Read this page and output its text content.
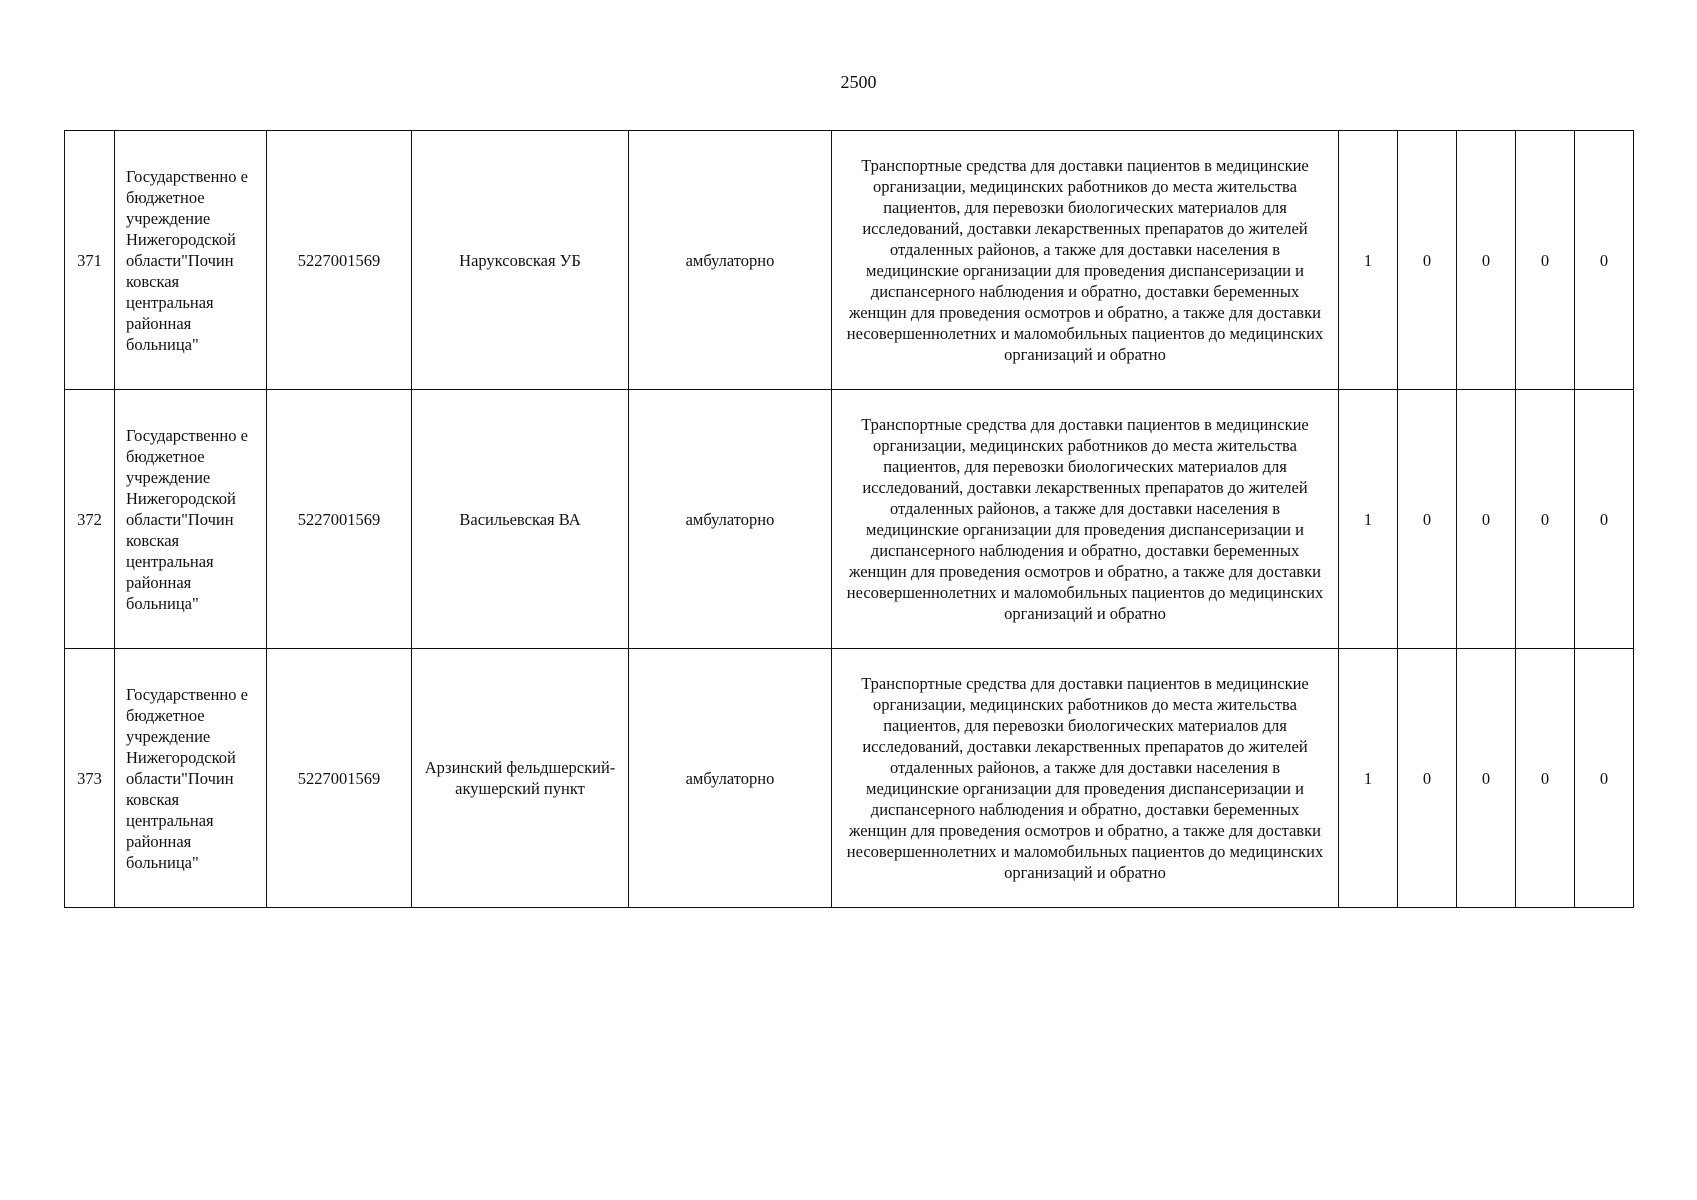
2500
371	Государственно е бюджетное учреждение Нижегородской области"Почин ковская центральная районная больница"	5227001569	Наруксовская УБ	амбулаторно	Транспортные средства для доставки пациентов в медицинские организации, медицинских работников до места жительства пациентов, для перевозки биологических материалов для исследований, доставки лекарственных препаратов до жителей отдаленных районов, а также для доставки населения в медицинские организации для проведения диспансеризации и диспансерного наблюдения и обратно, доставки беременных женщин для проведения осмотров и обратно, а также для доставки несовершеннолетних и маломобильных пациентов до медицинских организаций и обратно	1	0	0	0	0
372	Государственно е бюджетное учреждение Нижегородской области"Почин ковская центральная районная больница"	5227001569	Васильевская ВА	амбулаторно	Транспортные средства для доставки пациентов в медицинские организации, медицинских работников до места жительства пациентов, для перевозки биологических материалов для исследований, доставки лекарственных препаратов до жителей отдаленных районов, а также для доставки населения в медицинские организации для проведения диспансеризации и диспансерного наблюдения и обратно, доставки беременных женщин для проведения осмотров и обратно, а также для доставки несовершеннолетних и маломобильных пациентов до медицинских организаций и обратно	1	0	0	0	0
373	Государственно е бюджетное учреждение Нижегородской области"Почин ковская центральная районная больница"	5227001569	Арзинский фельдшерский-акушерский пункт	амбулаторно	Транспортные средства для доставки пациентов в медицинские организации, медицинских работников до места жительства пациентов, для перевозки биологических материалов для исследований, доставки лекарственных препаратов до жителей отдаленных районов, а также для доставки населения в медицинские организации для проведения диспансеризации и диспансерного наблюдения и обратно, доставки беременных женщин для проведения осмотров и обратно, а также для доставки несовершеннолетних и маломобильных пациентов до медицинских организаций и обратно	1	0	0	0	0
